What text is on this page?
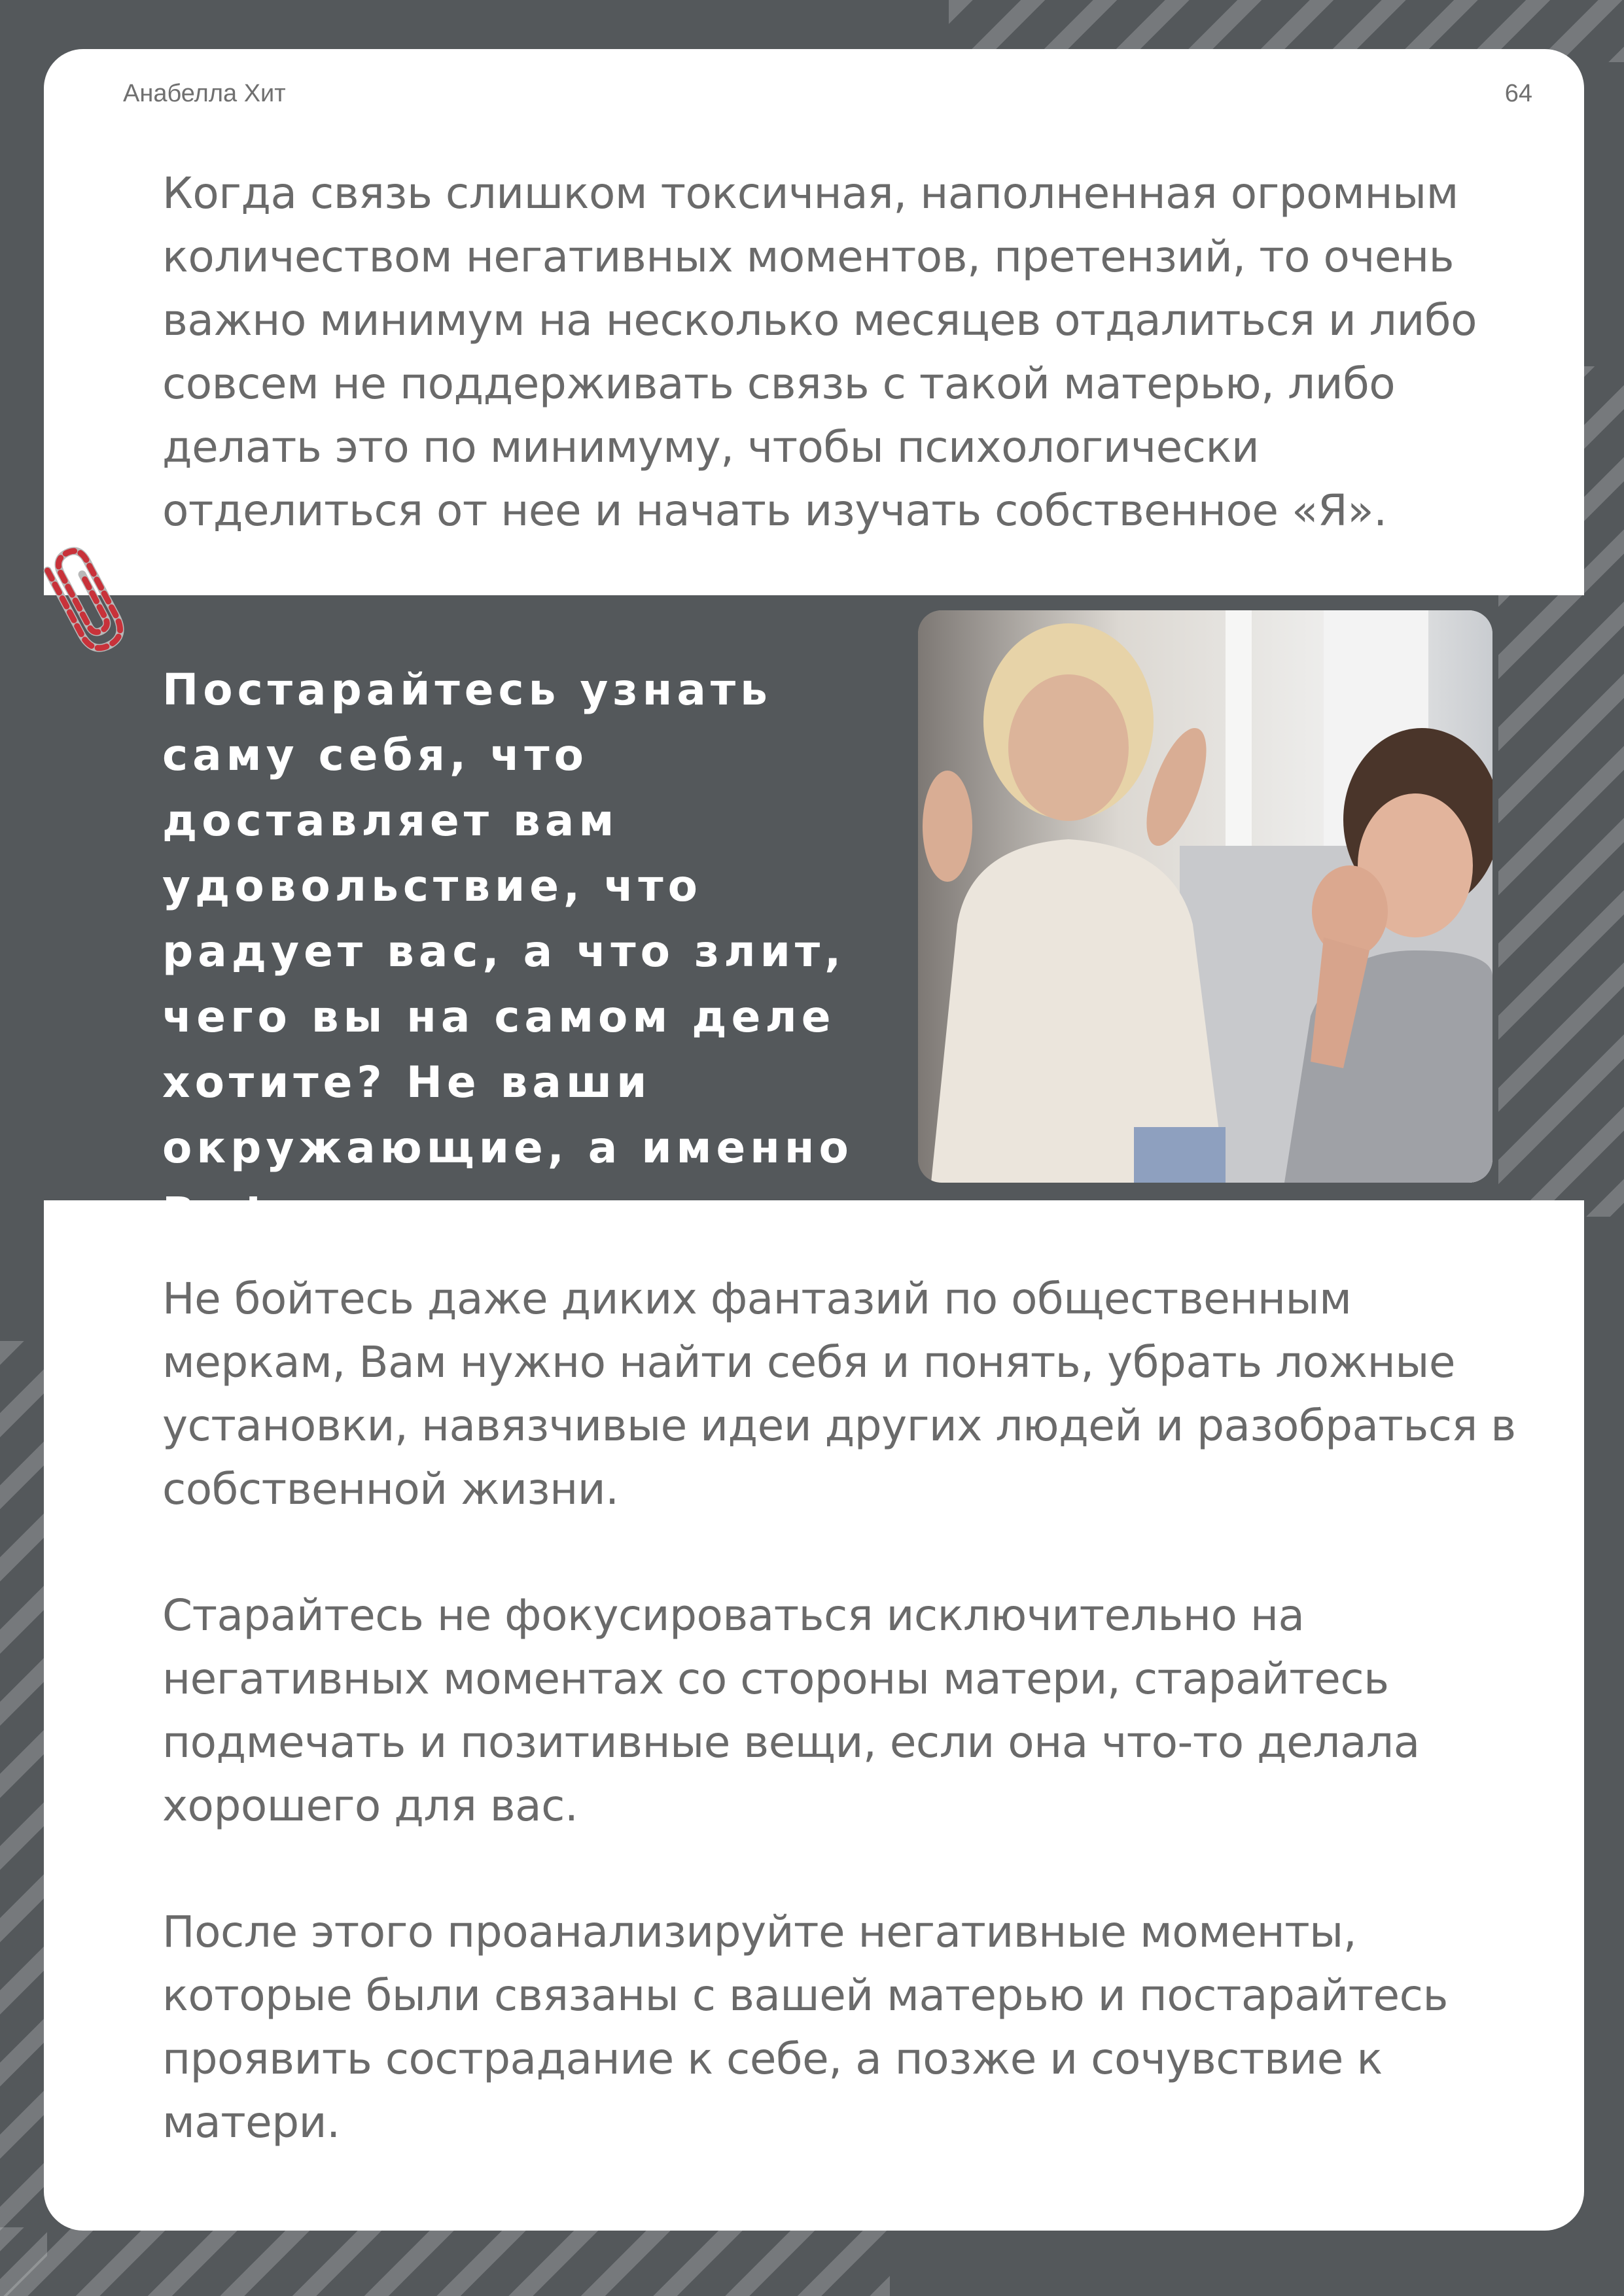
Анабелла Хит	64

Когда связь слишком токсичная, наполненная огромным количеством негативных моментов, претензий, то очень важно минимум на несколько месяцев отдалиться и либо совсем не поддерживать связь с такой матерью, либо делать это по минимуму, чтобы психологически отделиться от нее и начать изучать собственное «Я».

Постарайтесь узнать саму себя, что доставляет вам удовольствие, что радует вас, а что злит, чего вы на самом деле хотите? Не ваши окружающие, а именно Вы!

Не бойтесь даже диких фантазий по общественным меркам, Вам нужно найти себя и понять, убрать ложные установки, навязчивые идеи других людей и разобраться в собственной жизни.

Старайтесь не фокусироваться исключительно на негативных моментах со стороны матери, старайтесь подмечать и позитивные вещи, если она что-то делала хорошего для вас.

После этого проанализируйте негативные моменты, которые были связаны с вашей матерью и постарайтесь проявить сострадание к себе, а позже и сочувствие к матери.
